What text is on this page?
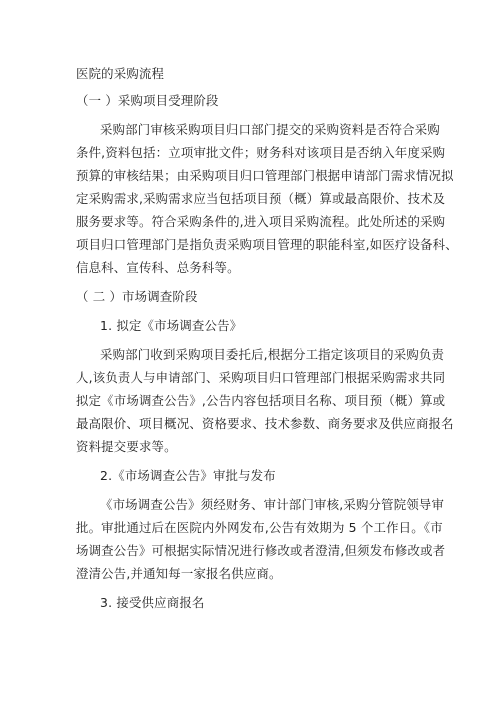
医院的采购流程
（一 ）采购项目受理阶段
采购部门审核采购项目归口部门提交的采购资料是否符合采购
条件,资料包括：立项审批文件；财务科对该项目是否纳入年度采购
预算的审核结果；由采购项目归口管理部门根据申请部门需求情况拟
定采购需求,采购需求应当包括项目预（概）算或最高限价、技术及
服务要求等。符合采购条件的,进入项目采购流程。此处所述的采购
项目归口管理部门是指负责采购项目管理的职能科室,如医疗设备科、
信息科、宣传科、总务科等。
（ 二 ）市场调查阶段
1. 拟定《市场调查公告》
采购部门收到采购项目委托后,根据分工指定该项目的采购负责
人,该负责人与申请部门、采购项目归口管理部门根据采购需求共同
拟定《市场调查公告》,公告内容包括项目名称、项目预（概）算或
最高限价、项目概况、资格要求、技术参数、商务要求及供应商报名
资料提交要求等。
2.《市场调查公告》审批与发布
《市场调查公告》须经财务、审计部门审核,采购分管院领导审
批。审批通过后在医院内外网发布,公告有效期为 5 个工作日。《市
场调查公告》可根据实际情况进行修改或者澄清,但须发布修改或者
澄清公告,并通知每一家报名供应商。
3. 接受供应商报名
